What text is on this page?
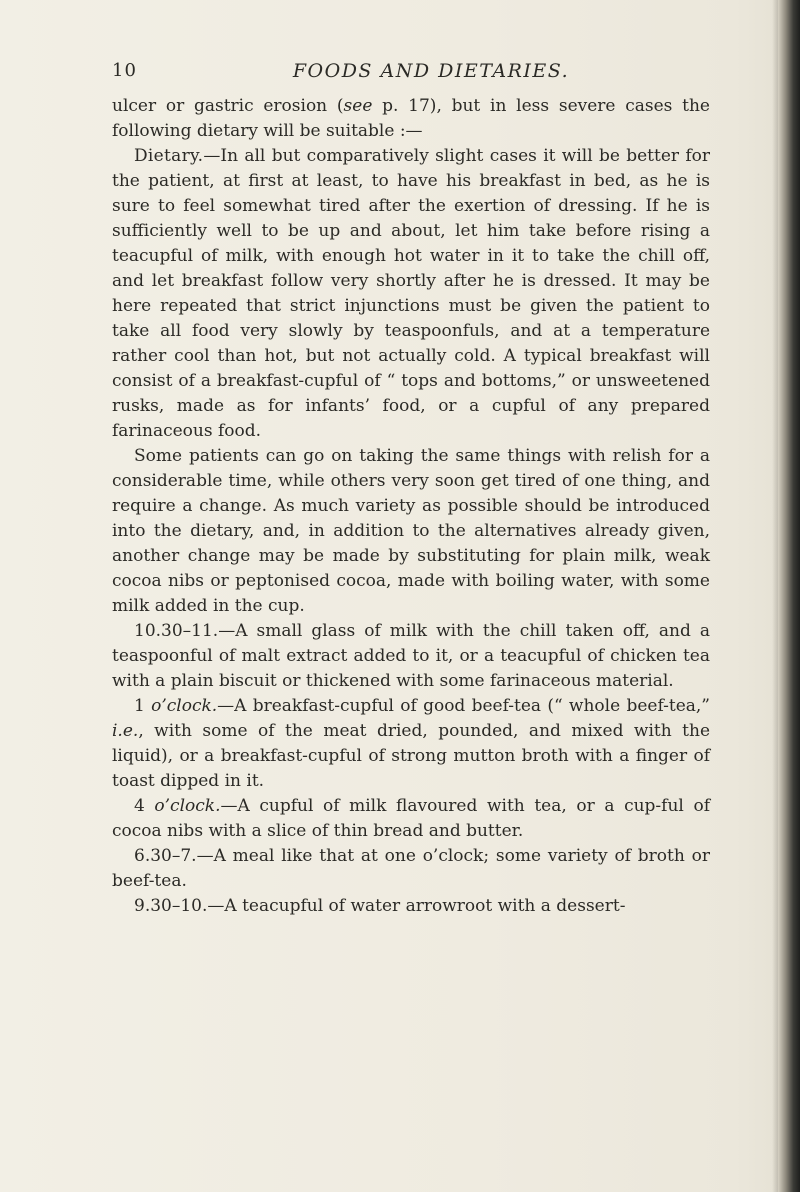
10	FOODS AND DIETARIES.

ulcer or gastric erosion (see p. 17), but in less severe cases the following dietary will be suitable :—

Dietary.—In all but comparatively slight cases it will be better for the patient, at first at least, to have his breakfast in bed, as he is sure to feel somewhat tired after the exertion of dressing. If he is sufficiently well to be up and about, let him take before rising a teacupful of milk, with enough hot water in it to take the chill off, and let breakfast follow very shortly after he is dressed. It may be here repeated that strict injunctions must be given the patient to take all food very slowly by teaspoonfuls, and at a temperature rather cool than hot, but not actually cold. A typical breakfast will consist of a breakfast-cupful of “ tops and bottoms,” or unsweetened rusks, made as for infants’ food, or a cupful of any prepared farinaceous food.

Some patients can go on taking the same things with relish for a considerable time, while others very soon get tired of one thing, and require a change. As much variety as possible should be introduced into the dietary, and, in addition to the alternatives already given, another change may be made by substituting for plain milk, weak cocoa nibs or peptonised cocoa, made with boiling water, with some milk added in the cup.

10.30–11.—A small glass of milk with the chill taken off, and a teaspoonful of malt extract added to it, or a teacupful of chicken tea with a plain biscuit or thickened with some farinaceous material.

1 o’clock.—A breakfast-cupful of good beef-tea (“ whole beef-tea,” i.e., with some of the meat dried, pounded, and mixed with the liquid), or a breakfast-cupful of strong mutton broth with a finger of toast dipped in it.

4 o’clock.—A cupful of milk flavoured with tea, or a cup-ful of cocoa nibs with a slice of thin bread and butter.

6.30–7.—A meal like that at one o’clock; some variety of broth or beef-tea.

9.30–10.—A teacupful of water arrowroot with a dessert-
